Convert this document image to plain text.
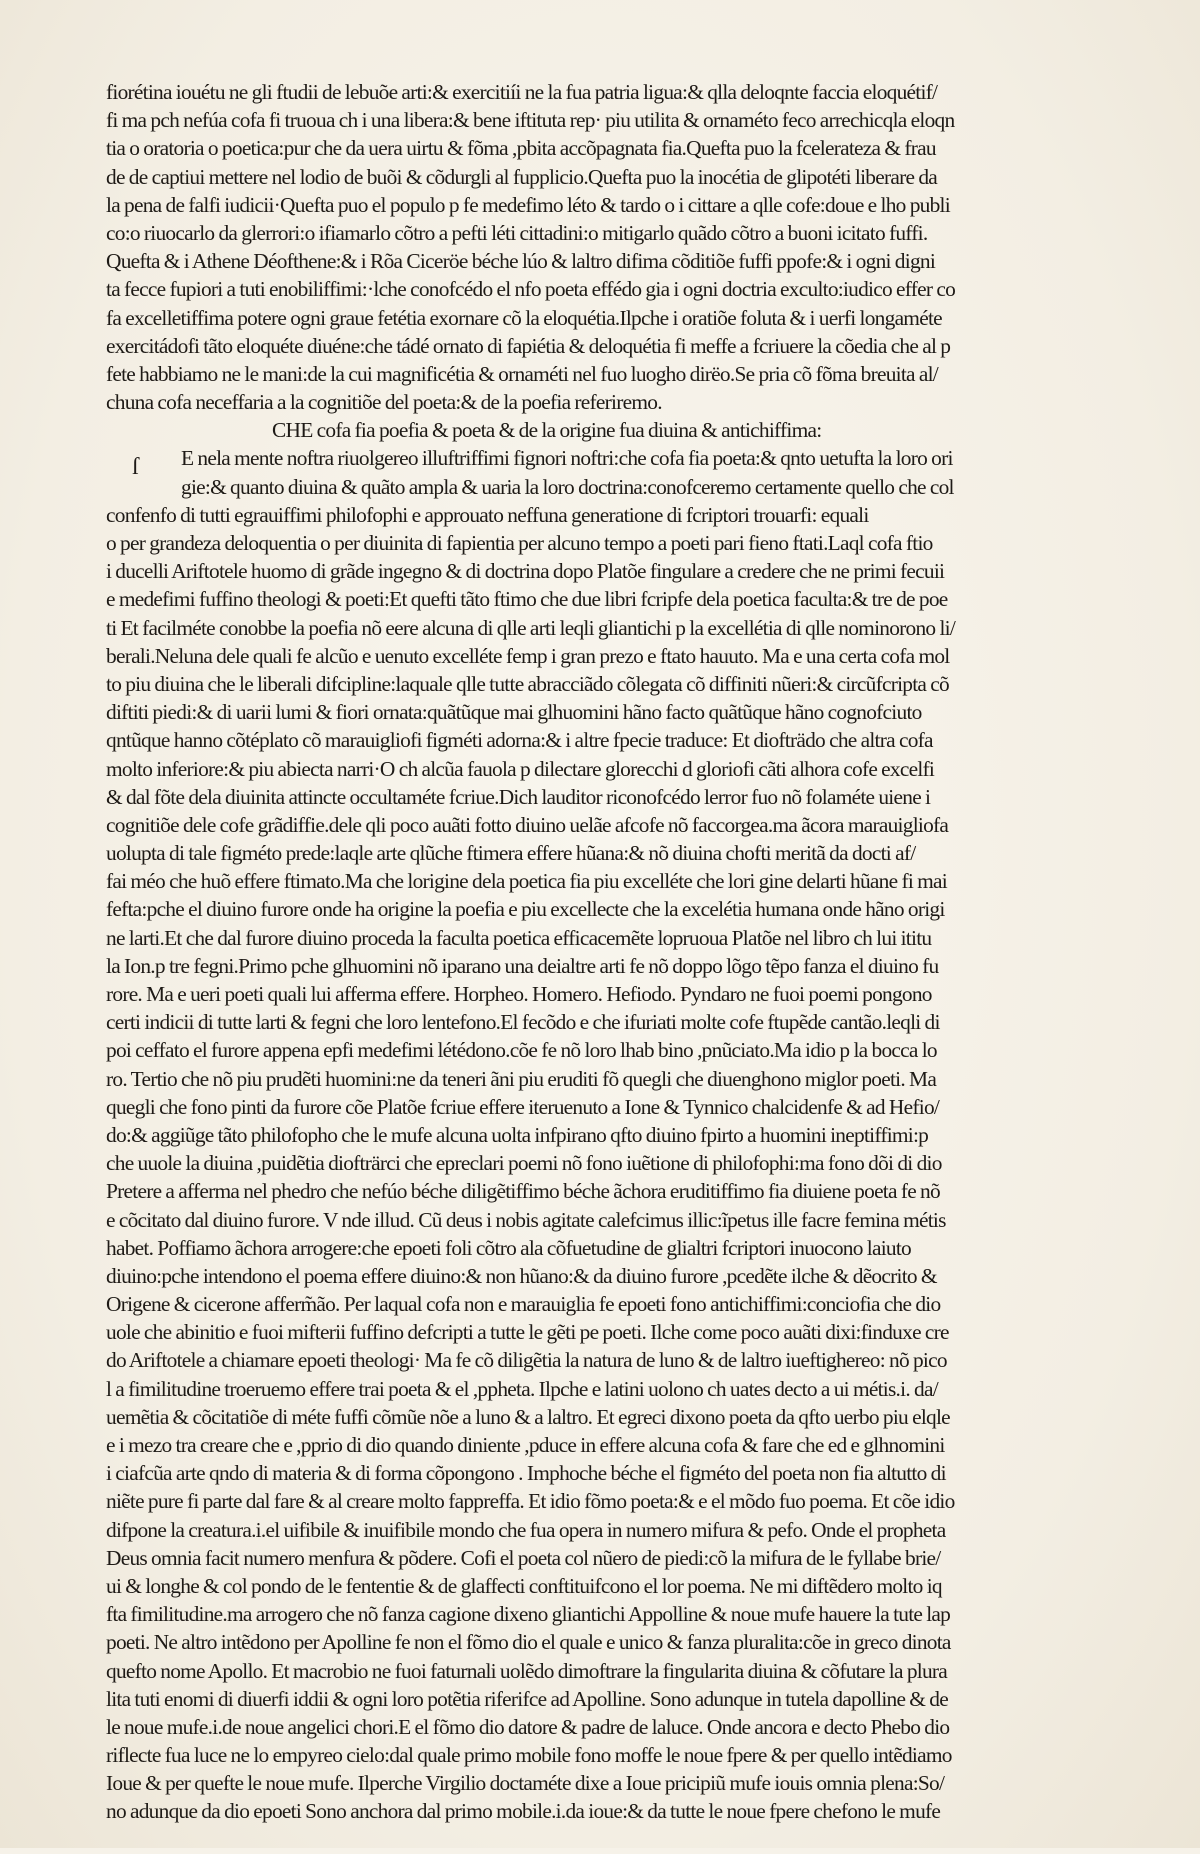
ſ
fiorétina iouétu ne gli ftudii de lebuõe arti:& exercitiíi ne la fua patria ligua:& qlla deloqnte faccia eloquétif/
fi ma pch nefúa cofa fi truoua ch i una libera:& bene iftituta rep· piu utilita & ornaméto feco arrechicqla eloqn
tia o oratoria o poetica:pur che da uera uirtu & fõma ,pbita accõpagnata fia.Quefta puo la fcelerateza & frau
de de captiui mettere nel lodio de buõi & cõdurgli al fupplicio.Quefta puo la inocétia de glipotéti liberare da
la pena de falfi iudicii·Quefta puo el populo p fe medefimo léto & tardo o i cittare a qlle cofe:doue e lho publi
co:o riuocarlo da glerrori:o ifiamarlo cõtro a pefti léti cittadini:o mitigarlo quãdo cõtro a buoni icitato fuffi.
Quefta & i Athene Déofthene:& i Rõa Ciceröe béche lúo & laltro difima cõditiõe fuffi ppofe:& i ogni digni
ta fecce fupiori a tuti enobiliffimi:·lche conofcédo el nfo poeta effédo gia i ogni doctria exculto:iudico effer co
fa excelletiffima potere ogni graue fetétia exornare cõ la eloquétia.Ilpche i oratiõe foluta & i uerfi longaméte
exercitádofi tãto eloquéte diuéne:che tádé ornato di fapiétia & deloquétia fi meffe a fcriuere la cõedia che al p
fete habbiamo ne le mani:de la cui magnificétia & ornaméti nel fuo luogho dirëo.Se pria cõ fõma breuita al/
chuna cofa neceffaria a la cognitiõe del poeta:& de la poefia referiremo.
CHE cofa fia poefia & poeta & de la origine fua diuina & antichiffima:
E nela mente noftra riuolgereo illuftriffimi fignori noftri:che cofa fia poeta:& qnto uetufta la loro ori
gie:& quanto diuina & quãto ampla & uaria la loro doctrina:conofceremo certamente quello che col
confenfo di tutti egrauiffimi philofophi e approuato neffuna generatione di fcriptori trouarfi: equali
o per grandeza deloquentia o per diuinita di fapientia per alcuno tempo a poeti pari fieno ftati.Laql cofa ftio
i ducelli Ariftotele huomo di grãde ingegno & di doctrina dopo Platõe fingulare a credere che ne primi fecuii
e medefimi fuffino theologi & poeti:Et quefti tãto ftimo che due libri fcripfe dela poetica faculta:& tre de poe
ti Et facilméte conobbe la poefia nõ eere alcuna di qlle arti leqli gliantichi p la excellétia di qlle nominorono li/
berali.Neluna dele quali fe alcũo e uenuto excelléte femp i gran prezo e ftato hauuto. Ma e una certa cofa mol
to piu diuina che le liberali difcipline:laquale qlle tutte abracciãdo cõlegata cõ diffiniti nũeri:& circũfcripta cõ
diftiti piedi:& di uarii lumi & fiori ornata:quãtũque mai glhuomini hãno facto quãtũque hãno cognofciuto
qntũque hanno cõtéplato cõ marauigliofi figméti adorna:& i altre fpecie traduce: Et diofträdo che altra cofa
molto inferiore:& piu abiecta narri·O ch alcũa fauola p dilectare glorecchi d gloriofi cãti alhora cofe excelfi
& dal fõte dela diuinita attincte occultaméte fcriue.Dich lauditor riconofcédo lerror fuo nõ folaméte uiene i
cognitiõe dele cofe grãdiffie.dele qli poco auãti fotto diuino uelãe afcofe nõ faccorgea.ma ãcora marauigliofa
uolupta di tale figméto prede:laqle arte qlũche ftimera effere hũana:& nõ diuina chofti meritã da docti af/
fai méo che huõ effere ftimato.Ma che lorigine dela poetica fia piu excelléte che lori gine delarti hũane fi mai
fefta:pche el diuino furore onde ha origine la poefia e piu excellecte che la excelétia humana onde hãno origi
ne larti.Et che dal furore diuino proceda la faculta poetica efficacemẽte lopruoua Platõe nel libro ch lui ititu
la Ion.p tre fegni.Primo pche glhuomini nõ iparano una deialtre arti fe nõ doppo lõgo tẽpo fanza el diuino fu
rore. Ma e ueri poeti quali lui afferma effere. Horpheo. Homero. Hefiodo. Pyndaro ne fuoi poemi pongono
certi indicii di tutte larti & fegni che loro lentefono.El fecõdo e che ifuriati molte cofe ftupẽde cantão.leqli di
poi ceffato el furore appena epfi medefimi létédono.cõe fe nõ loro lhab bino ,pnũciato.Ma idio p la bocca lo
ro. Tertio che nõ piu prudẽti huomini:ne da teneri ãni piu eruditi fõ quegli che diuenghono miglor poeti. Ma
quegli che fono pinti da furore cõe Platõe fcriue effere iteruenuto a Ione & Tynnico chalcidenfe & ad Hefio/
do:& aggiũge tãto philofopho che le mufe alcuna uolta infpirano qfto diuino fpirto a huomini ineptiffimi:p
che uuole la diuina ,puidẽtia diofträrci che epreclari poemi nõ fono iuẽtione di philofophi:ma fono dõi di dio
Pretere a afferma nel phedro che nefúo béche diligẽtiffimo béche ãchora eruditiffimo fia diuiene poeta fe nõ
e cõcitato dal diuino furore. V nde illud. Cũ deus i nobis agitate calefcimus illic:ĩpetus ille facre femina métis
habet. Poffiamo ãchora arrogere:che epoeti foli cõtro ala cõfuetudine de glialtri fcriptori inuocono laiuto
diuino:pche intendono el poema effere diuino:& non hũano:& da diuino furore ,pcedẽte ilche & dẽocrito &
Origene & cicerone afferm̃ão. Per laqual cofa non e marauiglia fe epoeti fono antichiffimi:conciofia che dio
uole che abinitio e fuoi mifterii fuffino defcripti a tutte le gẽti pe poeti. Ilche come poco auãti dixi:finduxe cre
do Ariftotele a chiamare epoeti theologi· Ma fe cõ diligẽtia la natura de luno & de laltro iueftighereo: nõ pico
l a fimilitudine troeruemo effere trai poeta & el ,ppheta. Ilpche e latini uolono ch uates decto a ui métis.i. da/
uemẽtia & cõcitatiõe di méte fuffi cõmũe nõe a luno & a laltro. Et egreci dixono poeta da qfto uerbo piu elqle
e i mezo tra creare che e ,pprio di dio quando diniente ,pduce in effere alcuna cofa & fare che ed e glhnomini
i ciafcũa arte qndo di materia & di forma cõpongono . Imphoche béche el figméto del poeta non fia altutto di
niẽte pure fi parte dal fare & al creare molto fappreffa. Et idio fõmo poeta:& e el mõdo fuo poema. Et cõe idio
difpone la creatura.i.el uifibile & inuifibile mondo che fua opera in numero mifura & pefo. Onde el propheta
Deus omnia facit numero menfura & põdere. Cofi el poeta col nũero de piedi:cõ la mifura de le fyllabe brie/
ui & longhe & col pondo de le fententie & de glaffecti conftituifcono el lor poema. Ne mi diftẽdero molto iq
fta fimilitudine.ma arrogero che nõ fanza cagione dixeno gliantichi Appolline & noue mufe hauere la tute lap
poeti. Ne altro intẽdono per Apolline fe non el fõmo dio el quale e unico & fanza pluralita:cõe in greco dinota
quefto nome Apollo. Et macrobio ne fuoi faturnali uolẽdo dimoftrare la fingularita diuina & cõfutare la plura
lita tuti enomi di diuerfi iddii & ogni loro potẽtia riferifce ad Apolline. Sono adunque in tutela dapolline & de
le noue mufe.i.de noue angelici chori.E el fõmo dio datore & padre de laluce. Onde ancora e decto Phebo dio
riflecte fua luce ne lo empyreo cielo:dal quale primo mobile fono moffe le noue fpere & per quello intẽdiamo
Ioue & per quefte le noue mufe. Ilperche Virgilio doctaméte dixe a Ioue pricipiũ mufe iouis omnia plena:So/
no adunque da dio epoeti Sono anchora dal primo mobile.i.da ioue:& da tutte le noue fpere chefono le mufe
